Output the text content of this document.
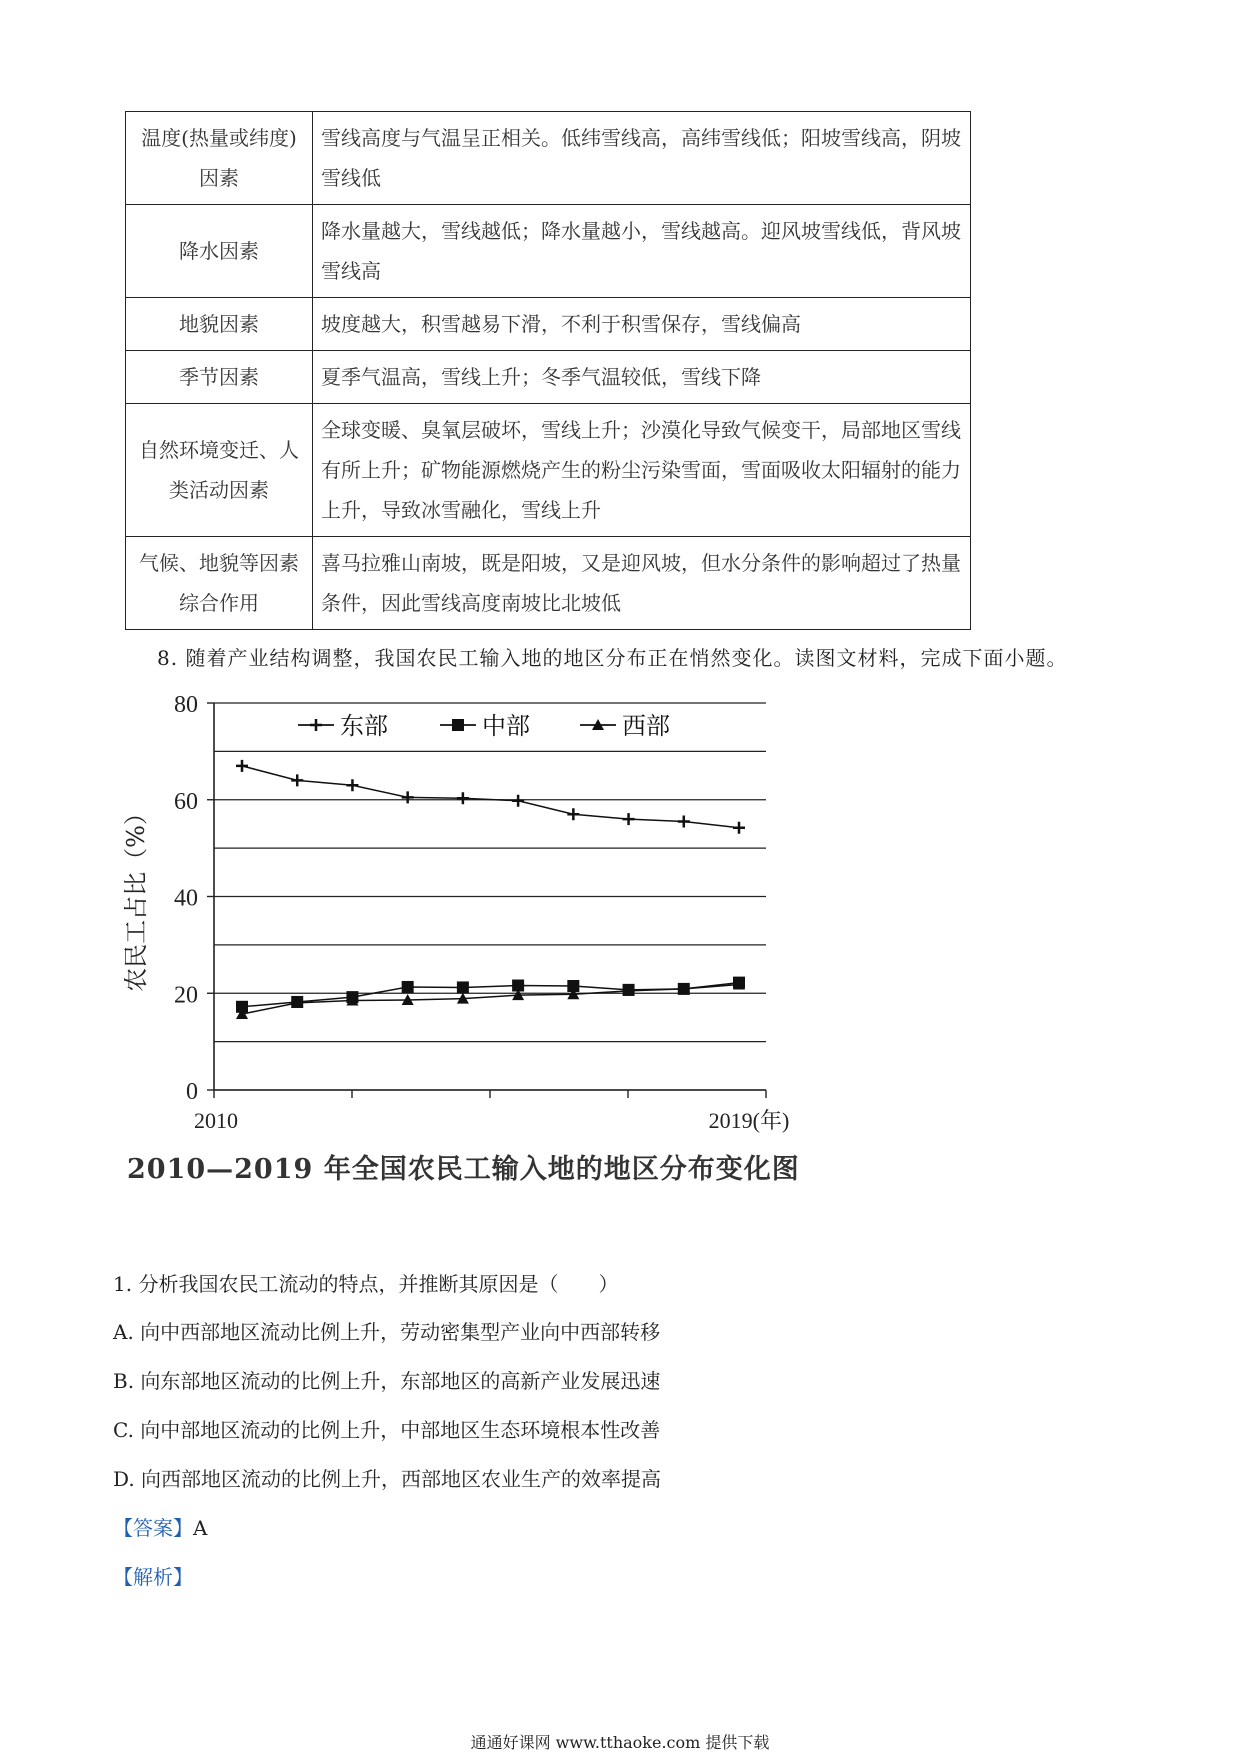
温度(热量或纬度)因素	雪线高度与气温呈正相关。低纬雪线高，高纬雪线低；阳坡雪线高，阴坡雪线低
降水因素	降水量越大，雪线越低；降水量越小，雪线越高。迎风坡雪线低，背风坡雪线高
地貌因素	坡度越大，积雪越易下滑，不利于积雪保存，雪线偏高
季节因素	夏季气温高，雪线上升；冬季气温较低，雪线下降
自然环境变迁、人类活动因素	全球变暖、臭氧层破坏，雪线上升；沙漠化导致气候变干，局部地区雪线有所上升；矿物能源燃烧产生的粉尘污染雪面，雪面吸收太阳辐射的能力上升，导致冰雪融化，雪线上升
气候、地貌等因素综合作用	喜马拉雅山南坡，既是阳坡，又是迎风坡，但水分条件的影响超过了热量条件，因此雪线高度南坡比北坡低
8. 随着产业结构调整，我国农民工输入地的地区分布正在悄然变化。读图文材料，完成下面小题。
0
20
40
60
80
2010	2019(年)
农民工占比（%）
东部	中部	西部
2010—2019 年全国农民工输入地的地区分布变化图
1. 分析我国农民工流动的特点，并推断其原因是（　　）
A. 向中西部地区流动比例上升，劳动密集型产业向中西部转移
B. 向东部地区流动的比例上升，东部地区的高新产业发展迅速
C. 向中部地区流动的比例上升，中部地区生态环境根本性改善
D. 向西部地区流动的比例上升，西部地区农业生产的效率提高
【答案】A
【解析】
通通好课网 www.tthaoke.com 提供下载
